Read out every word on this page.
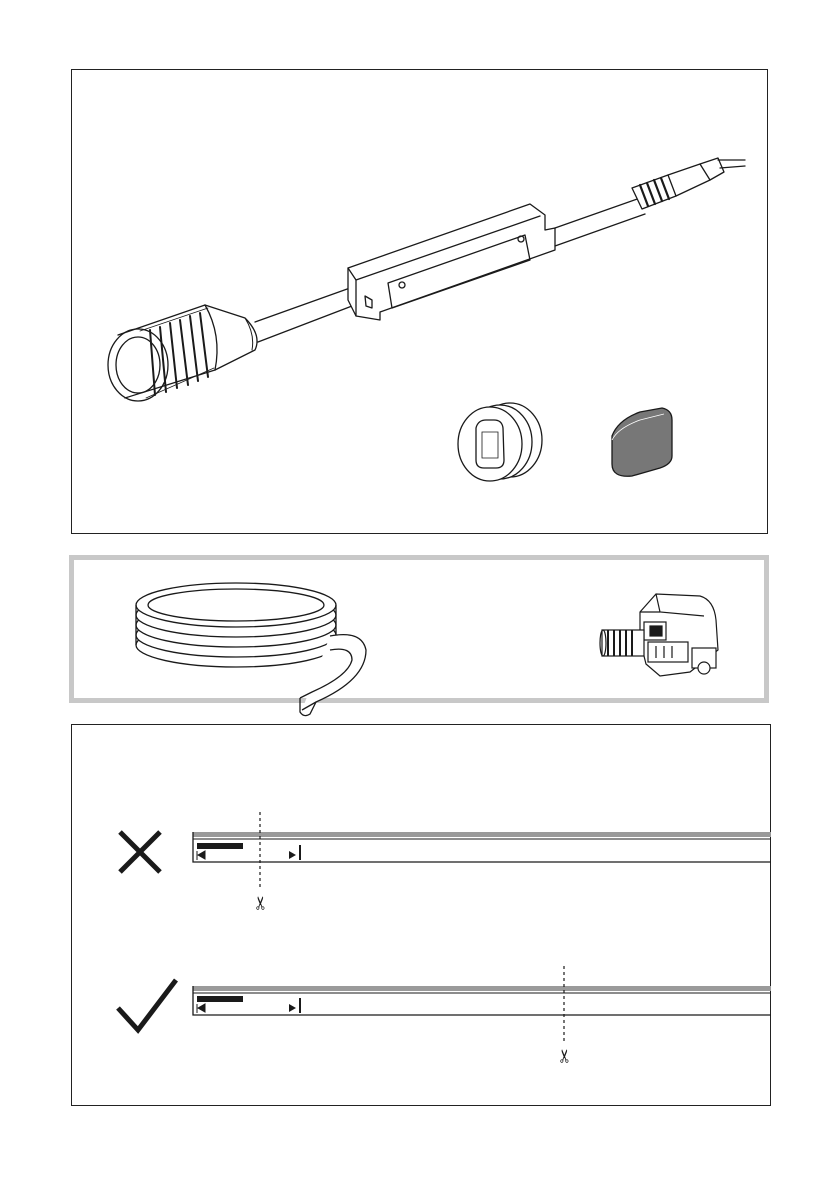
✂
✂
